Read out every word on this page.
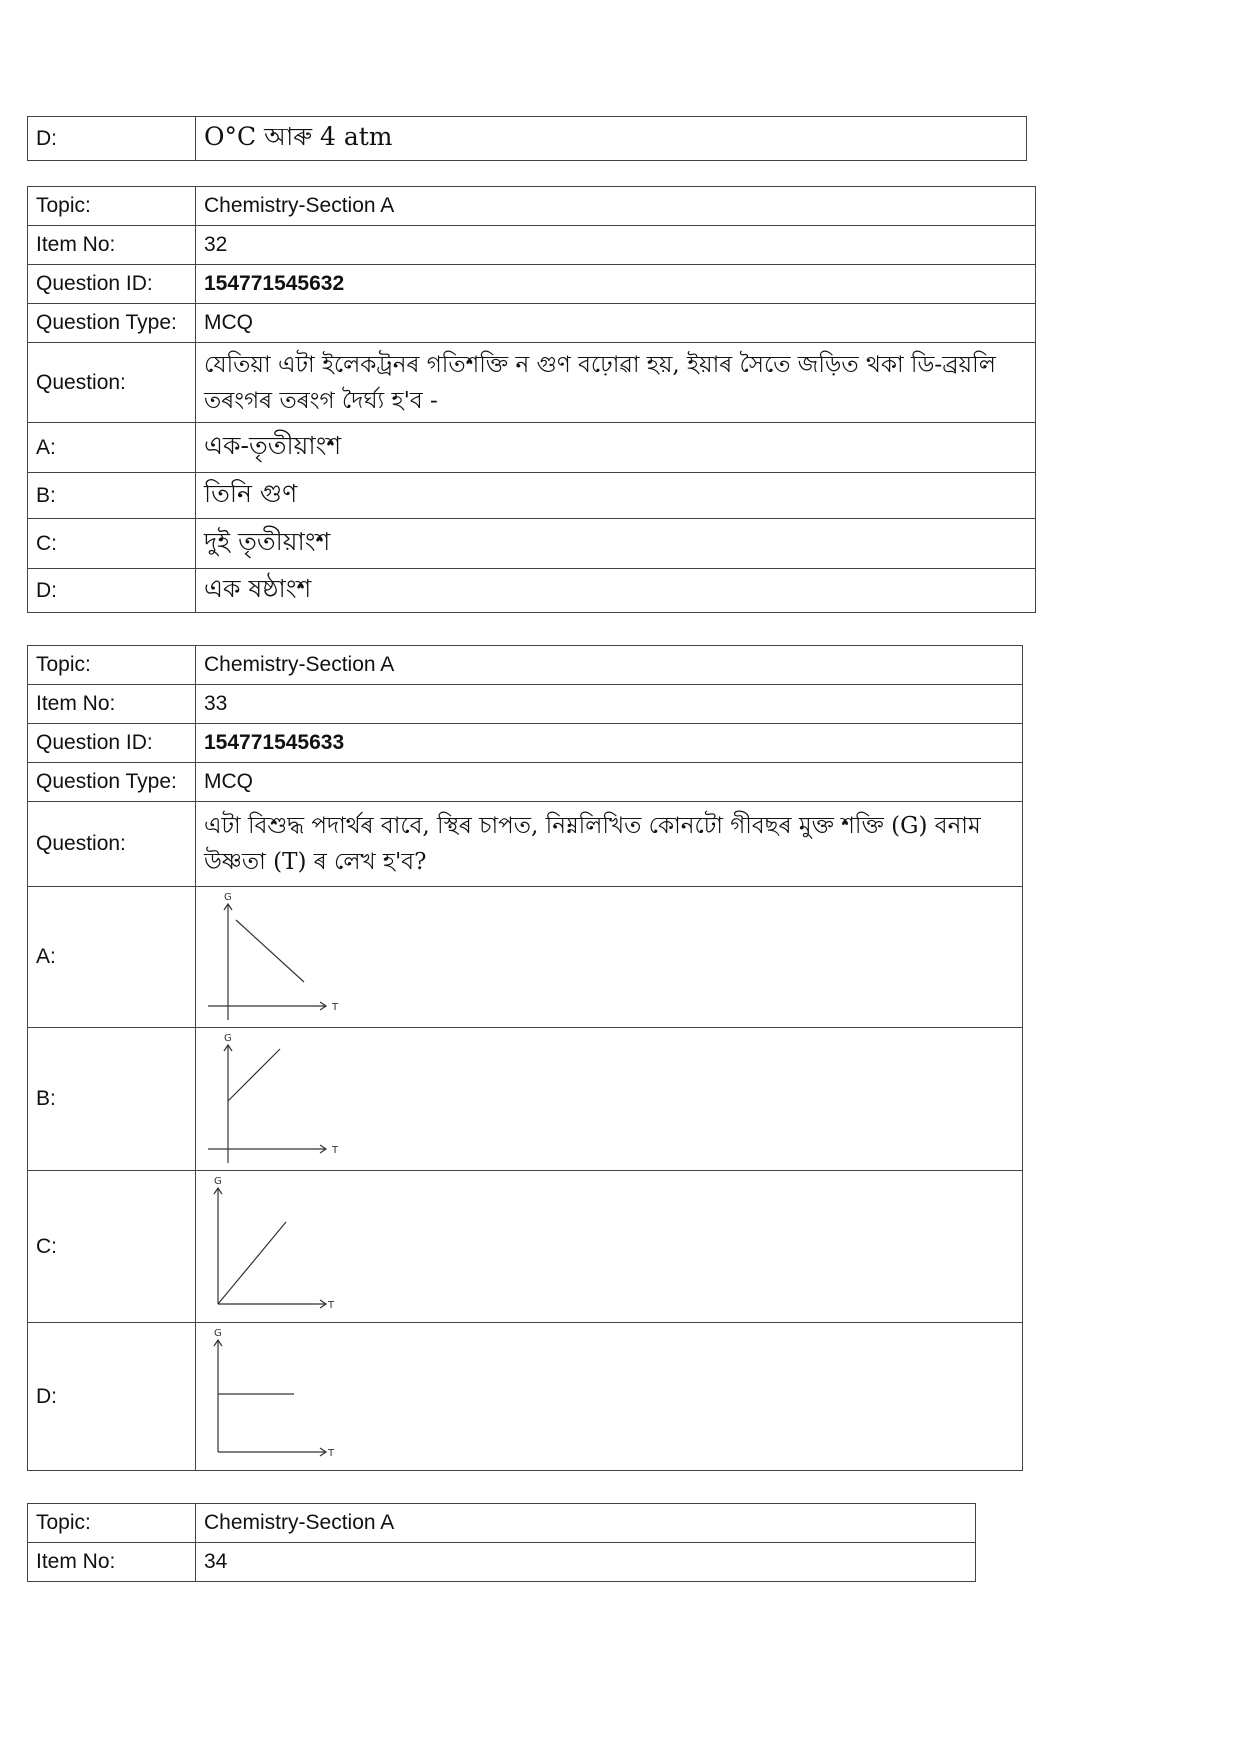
D:	O°C আৰু 4 atm
Topic:	Chemistry-Section A
Item No:	32
Question ID:	154771545632
Question Type:	MCQ
Question:	যেতিয়া এটা ইলেকট্ৰনৰ গতিশক্তি ন গুণ বঢ়োৱা হয়, ইয়াৰ সৈতে জড়িত থকা ডি-ব্ৰয়লি তৰংগৰ তৰংগ দৈৰ্ঘ্য হ'ব -
A:	এক-তৃতীয়াংশ
B:	তিনি গুণ
C:	দুই তৃতীয়াংশ
D:	এক ষষ্ঠাংশ
Topic:	Chemistry-Section A
Item No:	33
Question ID:	154771545633
Question Type:	MCQ
Question:	এটা বিশুদ্ধ পদাৰ্থৰ বাবে, স্থিৰ চাপত, নিম্নলিখিত কোনটো গীবছৰ মুক্ত শক্তি (G) বনাম উষ্ণতা (T) ৰ লেখ হ'ব?
A:	G
T

B:	G
T

C:	G
T

D:	G
T
Topic:	Chemistry-Section A
Item No:	34
